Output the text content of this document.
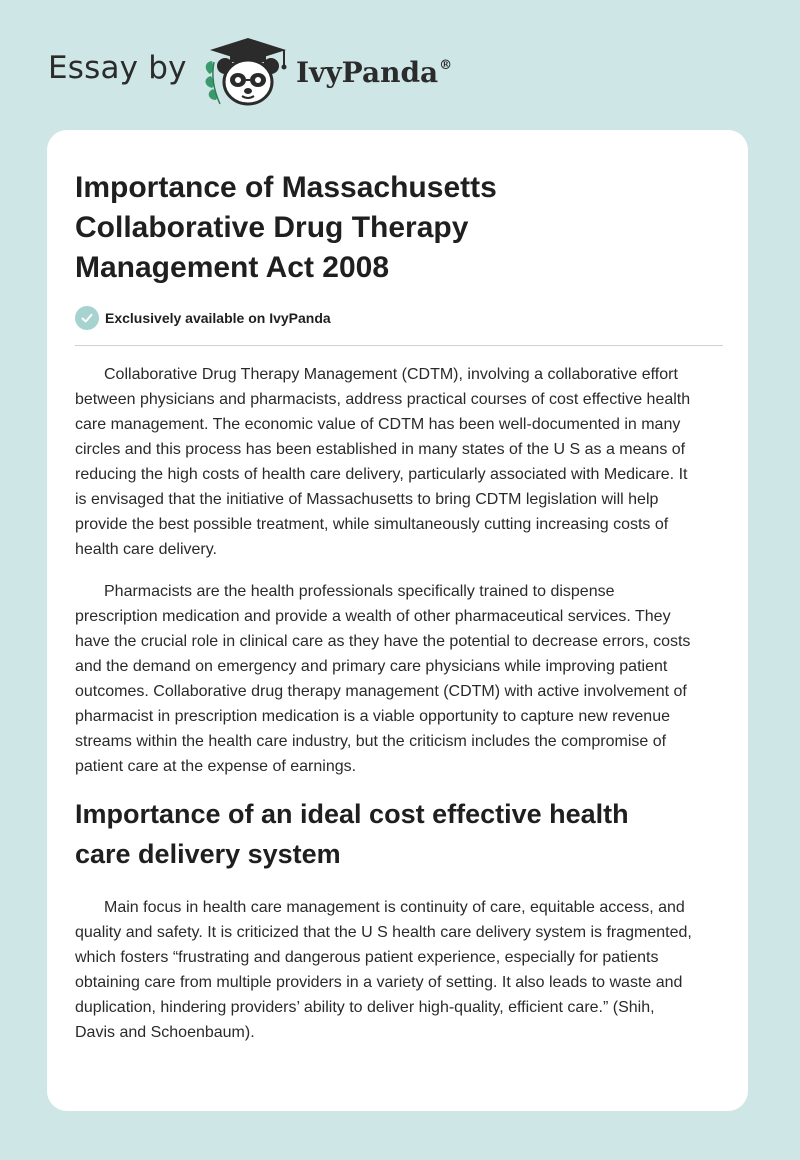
Essay by	IvyPanda®
Importance of Massachusetts
Collaborative Drug Therapy
Management Act 2008
Exclusively available on IvyPanda

Collaborative Drug Therapy Management (CDTM), involving a collaborative effort
between physicians and pharmacists, address practical courses of cost effective health
care management. The economic value of CDTM has been well-documented in many
circles and this process has been established in many states of the U S as a means of
reducing the high costs of health care delivery, particularly associated with Medicare. It
is envisaged that the initiative of Massachusetts to bring CDTM legislation will help
provide the best possible treatment, while simultaneously cutting increasing costs of
health care delivery.

Pharmacists are the health professionals specifically trained to dispense
prescription medication and provide a wealth of other pharmaceutical services. They
have the crucial role in clinical care as they have the potential to decrease errors, costs
and the demand on emergency and primary care physicians while improving patient
outcomes. Collaborative drug therapy management (CDTM) with active involvement of
pharmacist in prescription medication is a viable opportunity to capture new revenue
streams within the health care industry, but the criticism includes the compromise of
patient care at the expense of earnings.

Importance of an ideal cost effective health
care delivery system

Main focus in health care management is continuity of care, equitable access, and
quality and safety. It is criticized that the U S health care delivery system is fragmented,
which fosters “frustrating and dangerous patient experience, especially for patients
obtaining care from multiple providers in a variety of setting. It also leads to waste and
duplication, hindering providers’ ability to deliver high-quality, efficient care.” (Shih,
Davis and Schoenbaum).
